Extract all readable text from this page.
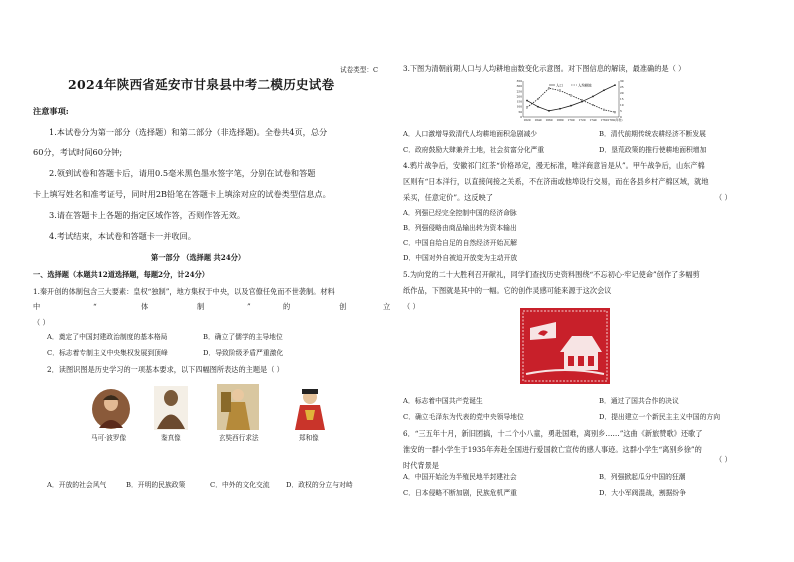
试卷类型：C
2024年陕西省延安市甘泉县中考二模历史试卷
注意事项:
1.本试卷分为第一部分（选择题）和第二部分（非选择题)。全卷共4页，总分
60分，考试时间60分钟;
2.领到试卷和答题卡后，请用0.5毫米黑色墨水签字笔，分别在试卷和答题
卡上填写姓名和准考证号，同时用2B铅笔在答题卡上填涂对应的试卷类型信息点。
3.请在答题卡上各题的指定区域作答，否则作答无效。
4.考试结束，本试卷和答题卡一并收回。
第一部分 （选择题 共24分）
一、选择题（本题共12道选择题，每题2分，计24分）
1.秦开创的体制包含三大要素：皇权“独制”，地方集权于中央，以及官僚任免而不世袭制。材料
中	“	体	制	”	的	创	立
（ ）
A．奠定了中国封建政治制度的基本格局	B．确立了儒学的主导地位
C．标志着专制主义中央集权发展到顶峰	D．导致阶级矛盾严重激化
2．读图识图是历史学习的一项基本要求，以下四幅图所表达的主题是（ ）
马可·波罗像	鉴真像	玄奘西行求法	郑和像
A．开放的社会风气	B．开明的民族政策	C．中外的文化交流 D．政权的分立与对峙
3.下图为清朝前期人口与人均耕地亩数变化示意图。对下图信息的解读，最准确的是（ ）
350
300
250
200
150
100
50
0
30
25
20
15
10
5
0
1620 1640 1660 1680 1700 1720 1740 1760 1780(年份)
人口	人均耕地
A．人口激增导致清代人均耕地面积急剧减少	B．清代前期传统农耕经济不断发展
C．政府鼓励大肆兼并土地，社会贫富分化严重	D．垦荒政策的推行使耕地面积增加
4.鸦片战争后，安徽祁门红茶“价格昂定，漫无标准，唯洋商意旨是从”。甲午战争后，山东产棉
区则有“日本洋行，以直接间接之关系，不在济南或他埠设行交易，而在各县乡村产棉区域，就地
采买，任意定价”。这反映了	（ ）
A．列强已经完全控制中国的经济命脉
B．列强侵略由商品输出转为资本输出
C．中国自给自足的自然经济开始瓦解
D．中国对外自被迫开放变为主动开放
5.为向党的二十大胜利召开献礼，同学们查找历史资料围绕“不忘初心·牢记使命”创作了多幅剪
纸作品，下图就是其中的一幅。它的创作灵感可能来源于这次会议
（ ）
A．标志着中国共产党诞生	B．通过了国共合作的决议
C．确立毛泽东为代表的党中央领导地位	D．提出建立一个新民主主义中国的方向
6．“三五年十月，新旧团搞，十二个小八童，勇赴国难，离别乡……”这曲《新旅赞歌》还歌了
淮安的一群小学生于1935年奔赴全国进行爱国救亡宣传的感人事迹。这群小学生“离别乡徐”的
时代背景是
（ ）
A．中国开始沦为半殖民地半封建社会	B．列强掀起瓜分中国的狂潮
C．日本侵略不断加剧，民族危机严重	D．大小军阀混战，割据纷争
